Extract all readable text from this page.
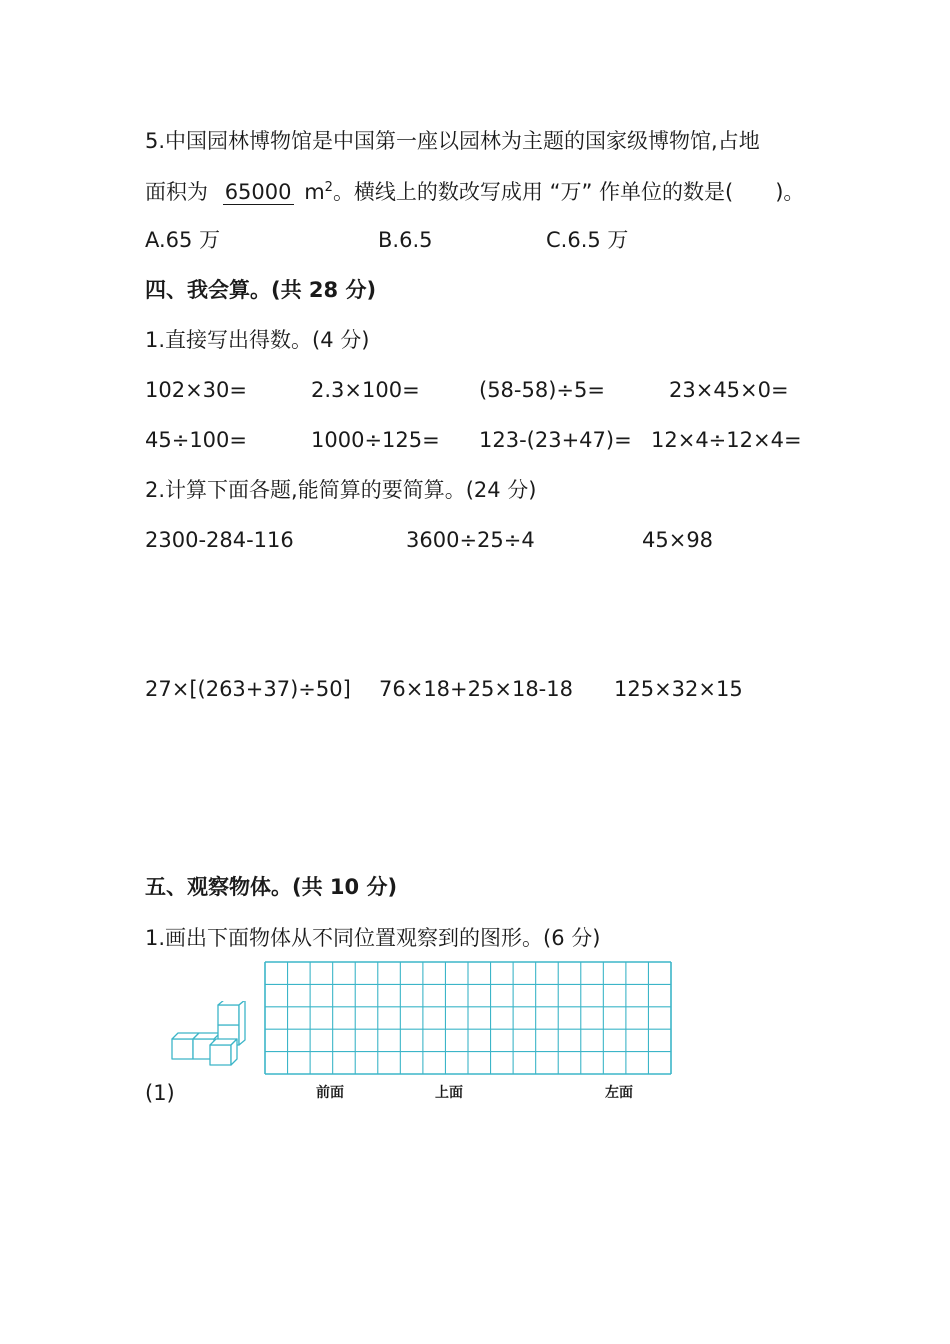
5.中国园林博物馆是中国第一座以园林为主题的国家级博物馆,占地
面积为 65000 $m^2$。横线上的数改写成用 “万” 作单位的数是(　　)。
A.65 万	B.6.5	C.6.5 万
四、我会算。(共 28 分)
1.直接写出得数。(4 分)
102×30=	2.3×100=	(58-58)÷5=	23×45×0=
45÷100=	1000÷125= 123-(23+47)= 12×4÷12×4=
2.计算下面各题,能简算的要简算。(24 分)
2300-284-116	3600÷25÷4	45×98
27×[(263+37)÷50] 76×18+25×18-18 125×32×15
五、观察物体。(共 10 分)
1.画出下面物体从不同位置观察到的图形。(6 分)
(1)	前面	上面	左面
